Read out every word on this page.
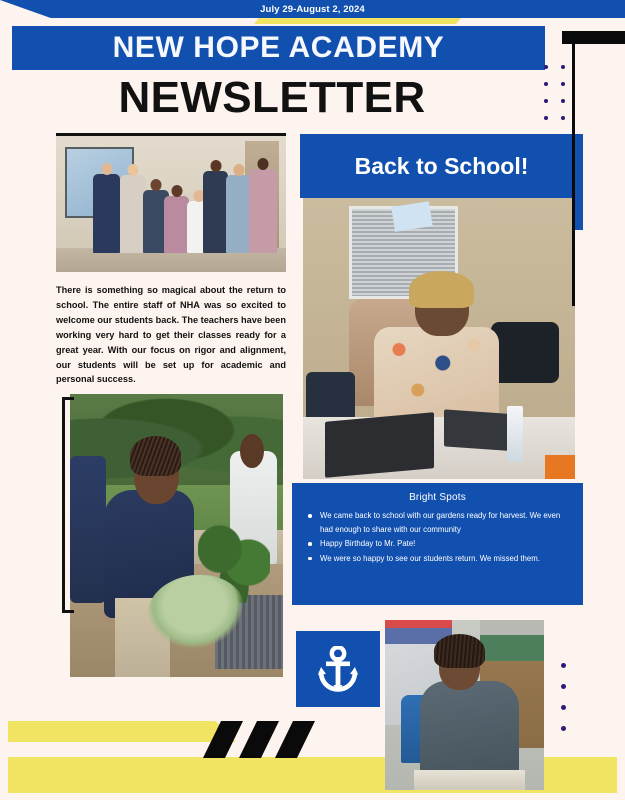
July 29-August 2, 2024
NEW HOPE ACADEMY
NEWSLETTER

There is something so magical about the return to school. The entire staff of NHA was so excited to welcome our students back. The teachers have been working very hard to get their classes ready for a great year. With our focus on rigor and alignment, our students will be set up for academic and personal success.

Back to School!
Bright Spots
We came back to school with our gardens ready for harvest. We even had enough to share with our community
Happy Birthday to Mr. Pate!
We were so happy to see our students return. We missed them.
